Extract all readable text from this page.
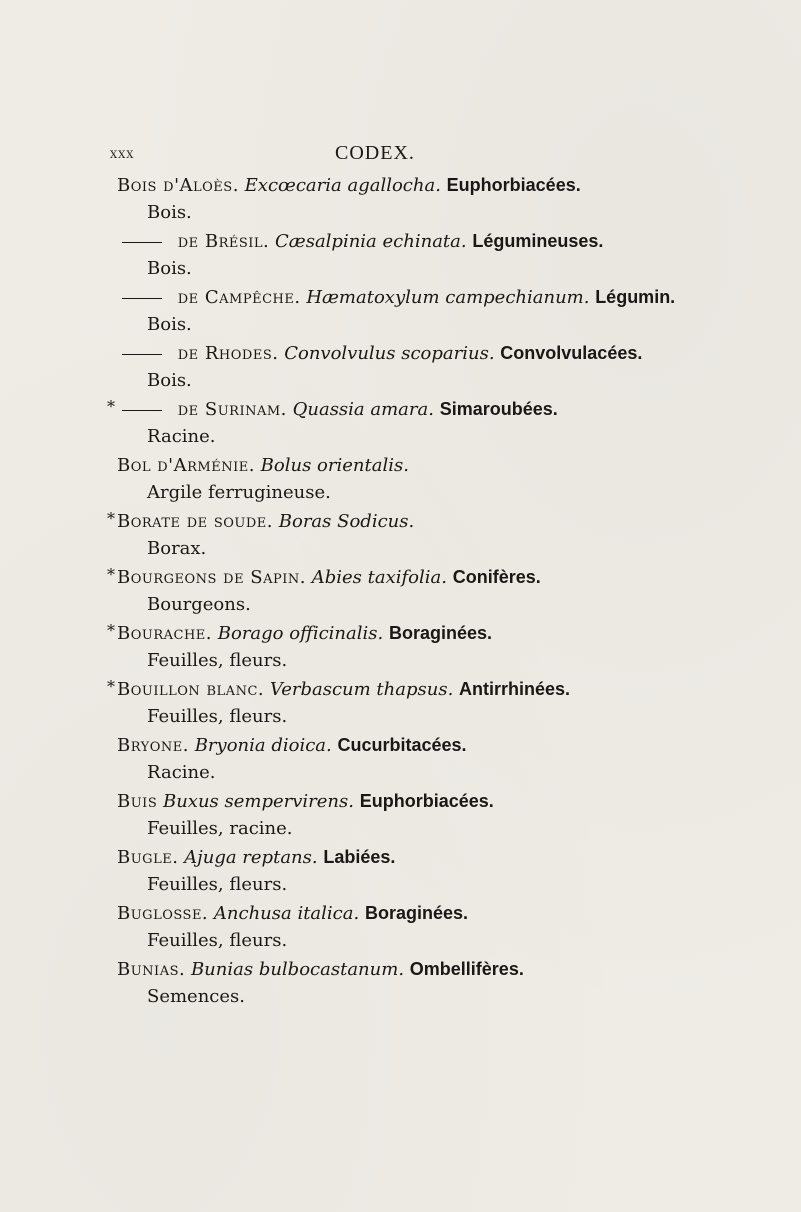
xxx	CODEX.
Bois d'Aloès. Excœcaria agallocha. Euphorbiacées.
Bois.
de Brésil. Cæsalpinia echinata. Légumineuses.
Bois.
de Campêche. Hæmatoxylum campechianum. Légumin.
Bois.
de Rhodes. Convolvulus scoparius. Convolvulacées.
Bois.
*	de Surinam. Quassia amara. Simaroubées.
Racine.
Bol d'Arménie. Bolus orientalis.
Argile ferrugineuse.
* Borate de soude. Boras Sodicus.
Borax.
* Bourgeons de Sapin. Abies taxifolia. Conifères.
Bourgeons.
* Bourache. Borago officinalis. Boraginées.
Feuilles, fleurs.
* Bouillon blanc. Verbascum thapsus. Antirrhinées.
Feuilles, fleurs.
Bryone. Bryonia dioica. Cucurbitacées.
Racine.
Buis Buxus sempervirens. Euphorbiacées.
Feuilles, racine.
Bugle. Ajuga reptans. Labiées.
Feuilles, fleurs.
Buglosse. Anchusa italica. Boraginées.
Feuilles, fleurs.
Bunias. Bunias bulbocastanum. Ombellifères.
Semences.
